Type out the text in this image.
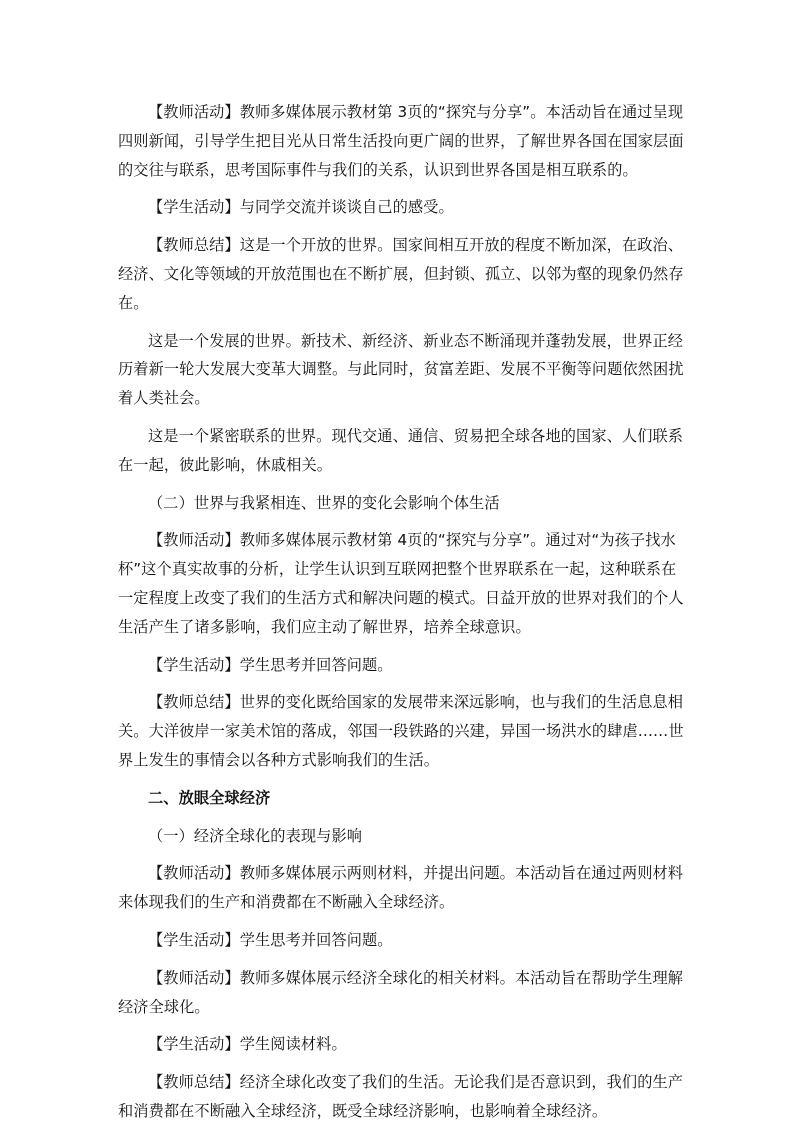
【教师活动】教师多媒体展示教材第 3页的“探究与分享”。本活动旨在通过呈现四则新闻，引导学生把目光从日常生活投向更广阔的世界，了解世界各国在国家层面的交往与联系，思考国际事件与我们的关系，认识到世界各国是相互联系的。

【学生活动】与同学交流并谈谈自己的感受。

【教师总结】这是一个开放的世界。国家间相互开放的程度不断加深，在政治、经济、文化等领域的开放范围也在不断扩展，但封锁、孤立、以邻为壑的现象仍然存在。

这是一个发展的世界。新技术、新经济、新业态不断涌现并蓬勃发展，世界正经历着新一轮大发展大变革大调整。与此同时，贫富差距、发展不平衡等问题依然困扰着人类社会。

这是一个紧密联系的世界。现代交通、通信、贸易把全球各地的国家、人们联系在一起，彼此影响，休戚相关。

（二）世界与我紧相连、世界的变化会影响个体生活

【教师活动】教师多媒体展示教材第 4页的“探究与分享”。通过对“为孩子找水杯”这个真实故事的分析，让学生认识到互联网把整个世界联系在一起，这种联系在一定程度上改变了我们的生活方式和解决问题的模式。日益开放的世界对我们的个人生活产生了诸多影响，我们应主动了解世界，培养全球意识。

【学生活动】学生思考并回答问题。

【教师总结】世界的变化既给国家的发展带来深远影响，也与我们的生活息息相关。大洋彼岸一家美术馆的落成，邻国一段铁路的兴建，异国一场洪水的肆虐……世界上发生的事情会以各种方式影响我们的生活。

二、放眼全球经济

（一）经济全球化的表现与影响

【教师活动】教师多媒体展示两则材料，并提出问题。本活动旨在通过两则材料来体现我们的生产和消费都在不断融入全球经济。

【学生活动】学生思考并回答问题。

【教师活动】教师多媒体展示经济全球化的相关材料。本活动旨在帮助学生理解经济全球化。

【学生活动】学生阅读材料。

【教师总结】经济全球化改变了我们的生活。无论我们是否意识到，我们的生产和消费都在不断融入全球经济，既受全球经济影响，也影响着全球经济。
